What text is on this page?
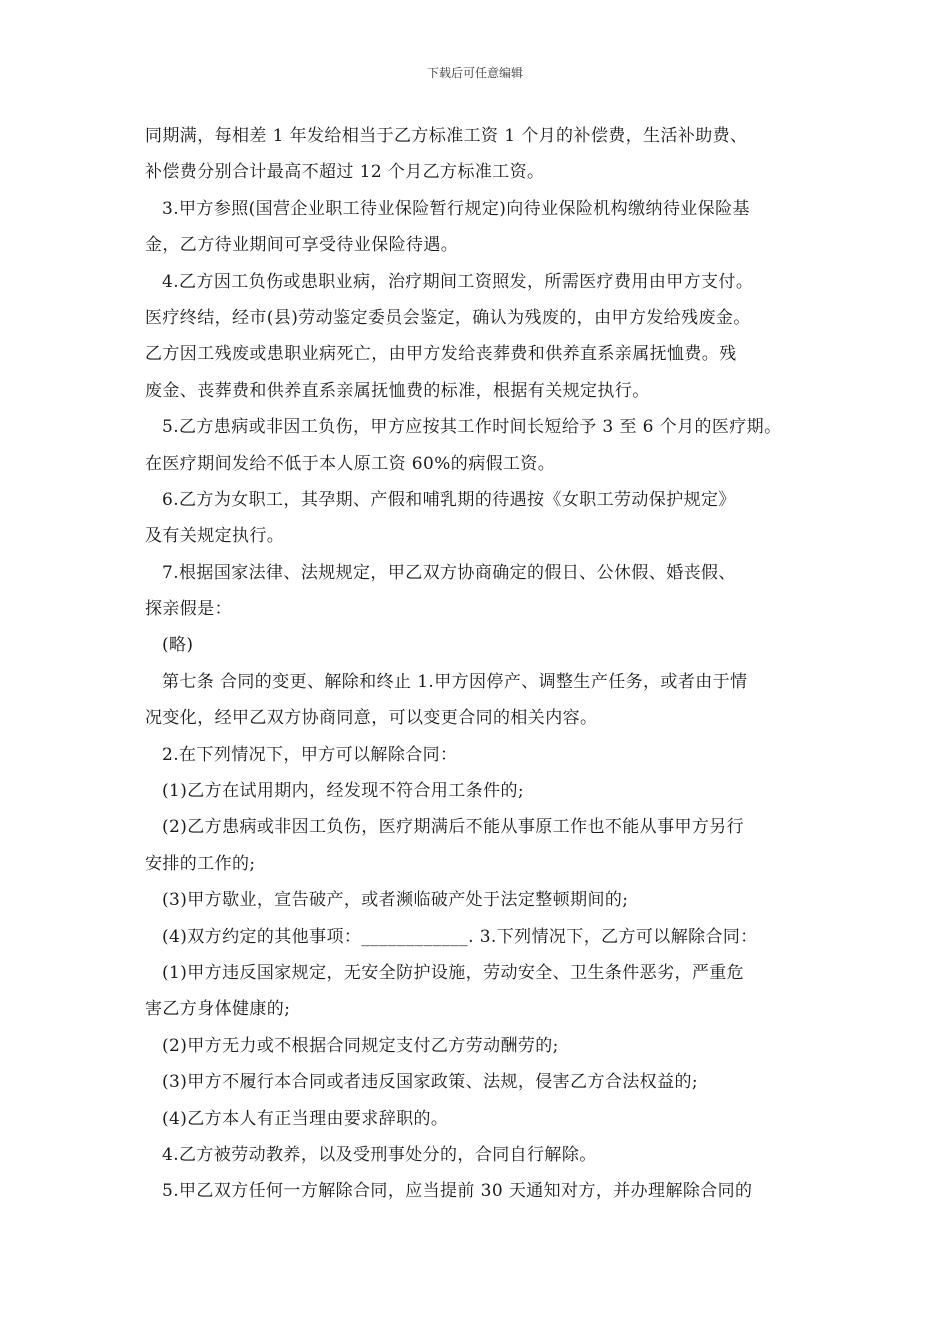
下载后可任意编辑
同期满，每相差 1 年发给相当于乙方标准工资 1 个月的补偿费，生活补助费、
补偿费分别合计最高不超过 12 个月乙方标准工资。
3.甲方参照(国营企业职工待业保险暂行规定)向待业保险机构缴纳待业保险基
金，乙方待业期间可享受待业保险待遇。
4.乙方因工负伤或患职业病，治疗期间工资照发，所需医疗费用由甲方支付。
医疗终结，经市(县)劳动鉴定委员会鉴定，确认为残废的，由甲方发给残废金。
乙方因工残废或患职业病死亡，由甲方发给丧葬费和供养直系亲属抚恤费。残
废金、丧葬费和供养直系亲属抚恤费的标准，根据有关规定执行。
5.乙方患病或非因工负伤，甲方应按其工作时间长短给予 3 至 6 个月的医疗期。
在医疗期间发给不低于本人原工资 60%的病假工资。
6.乙方为女职工，其孕期、产假和哺乳期的待遇按《女职工劳动保护规定》
及有关规定执行。
7.根据国家法律、法规规定，甲乙双方协商确定的假日、公休假、婚丧假、
探亲假是：
(略)
第七条 合同的变更、解除和终止 1.甲方因停产、调整生产任务，或者由于情
况变化，经甲乙双方协商同意，可以变更合同的相关内容。
2.在下列情况下，甲方可以解除合同：
(1)乙方在试用期内，经发现不符合用工条件的;
(2)乙方患病或非因工负伤，医疗期满后不能从事原工作也不能从事甲方另行
安排的工作的;
(3)甲方歇业，宣告破产，或者濒临破产处于法定整顿期间的;
(4)双方约定的其他事项：____________. 3.下列情况下，乙方可以解除合同：
(1)甲方违反国家规定，无安全防护设施，劳动安全、卫生条件恶劣，严重危
害乙方身体健康的;
(2)甲方无力或不根据合同规定支付乙方劳动酬劳的;
(3)甲方不履行本合同或者违反国家政策、法规，侵害乙方合法权益的;
(4)乙方本人有正当理由要求辞职的。
4.乙方被劳动教养，以及受刑事处分的，合同自行解除。
5.甲乙双方任何一方解除合同，应当提前 30 天通知对方，并办理解除合同的
